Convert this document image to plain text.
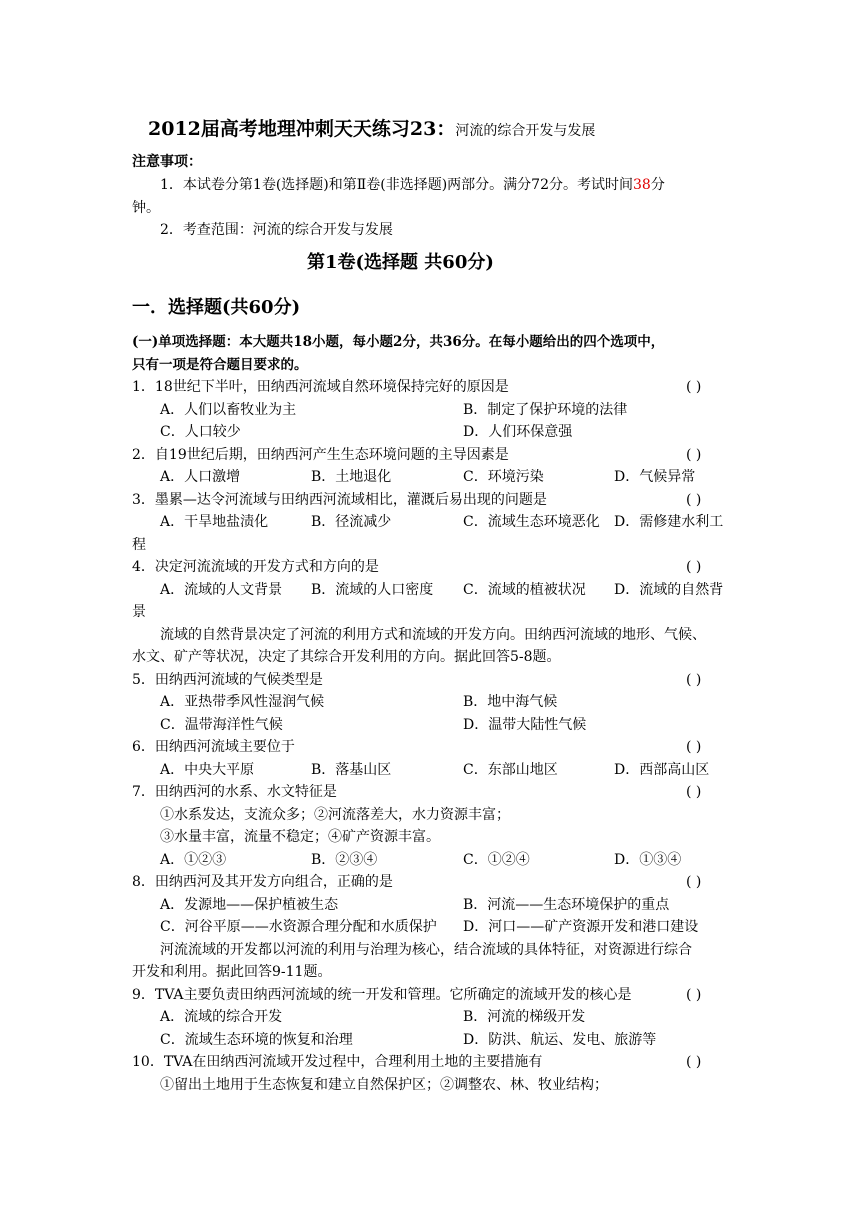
2012届高考地理冲刺天天练习23：河流的综合开发与发展
注意事项：
1．本试卷分第1卷(选择题)和第Ⅱ卷(非选择题)两部分。满分72分。考试时间38分
钟。
2．考查范围：河流的综合开发与发展
第1卷(选择题 共60分)
一．选择题(共60分)
(一)单项选择题：本大题共18小题，每小题2分，共36分。在每小题给出的四个选项中，
只有一项是符合题目要求的。
1．18世纪下半叶，田纳西河流域自然环境保持完好的原因是	( )
A．人们以畜牧业为主	B．制定了保护环境的法律
C．人口较少	D．人们环保意强
2．自19世纪后期，田纳西河产生生态环境问题的主导因素是	( )
A．人口激增	B．土地退化	C．环境污染	D．气候异常
3．墨累—达令河流域与田纳西河流域相比，灌溉后易出现的问题是	( )
A．干旱地盐渍化	B．径流减少	C．流域生态环境恶化 D．需修建水利工
程
4．决定河流流域的开发方式和方向的是	( )
A．流域的人文背景 B．流域的人口密度 C．流域的植被状况 D．流域的自然背
景
流域的自然背景决定了河流的利用方式和流域的开发方向。田纳西河流域的地形、气候、
水文、矿产等状况，决定了其综合开发利用的方向。据此回答5-8题。
5．田纳西河流域的气候类型是	( )
A．亚热带季风性湿润气候	B．地中海气候
C．温带海洋性气候	D．温带大陆性气候
6．田纳西河流域主要位于	( )
A．中央大平原	B．落基山区	C．东部山地区	D．西部高山区
7．田纳西河的水系、水文特征是	( )
①水系发达，支流众多；②河流落差大，水力资源丰富；
③水量丰富，流量不稳定；④矿产资源丰富。
A．①②③	B．②③④	C．①②④	D．①③④
8．田纳西河及其开发方向组合，正确的是	( )
A．发源地——保护植被生态	B．河流——生态环境保护的重点
C．河谷平原——水资源合理分配和水质保护 D．河口——矿产资源开发和港口建设
河流流域的开发都以河流的利用与治理为核心，结合流域的具体特征，对资源进行综合
开发和利用。据此回答9-11题。
9．TVA主要负责田纳西河流域的统一开发和管理。它所确定的流域开发的核心是	( )
A．流域的综合开发	B．河流的梯级开发
C．流域生态环境的恢复和治理	D．防洪、航运、发电、旅游等
10．TVA在田纳西河流域开发过程中，合理利用土地的主要措施有	( )
①留出土地用于生态恢复和建立自然保护区；②调整农、林、牧业结构；
